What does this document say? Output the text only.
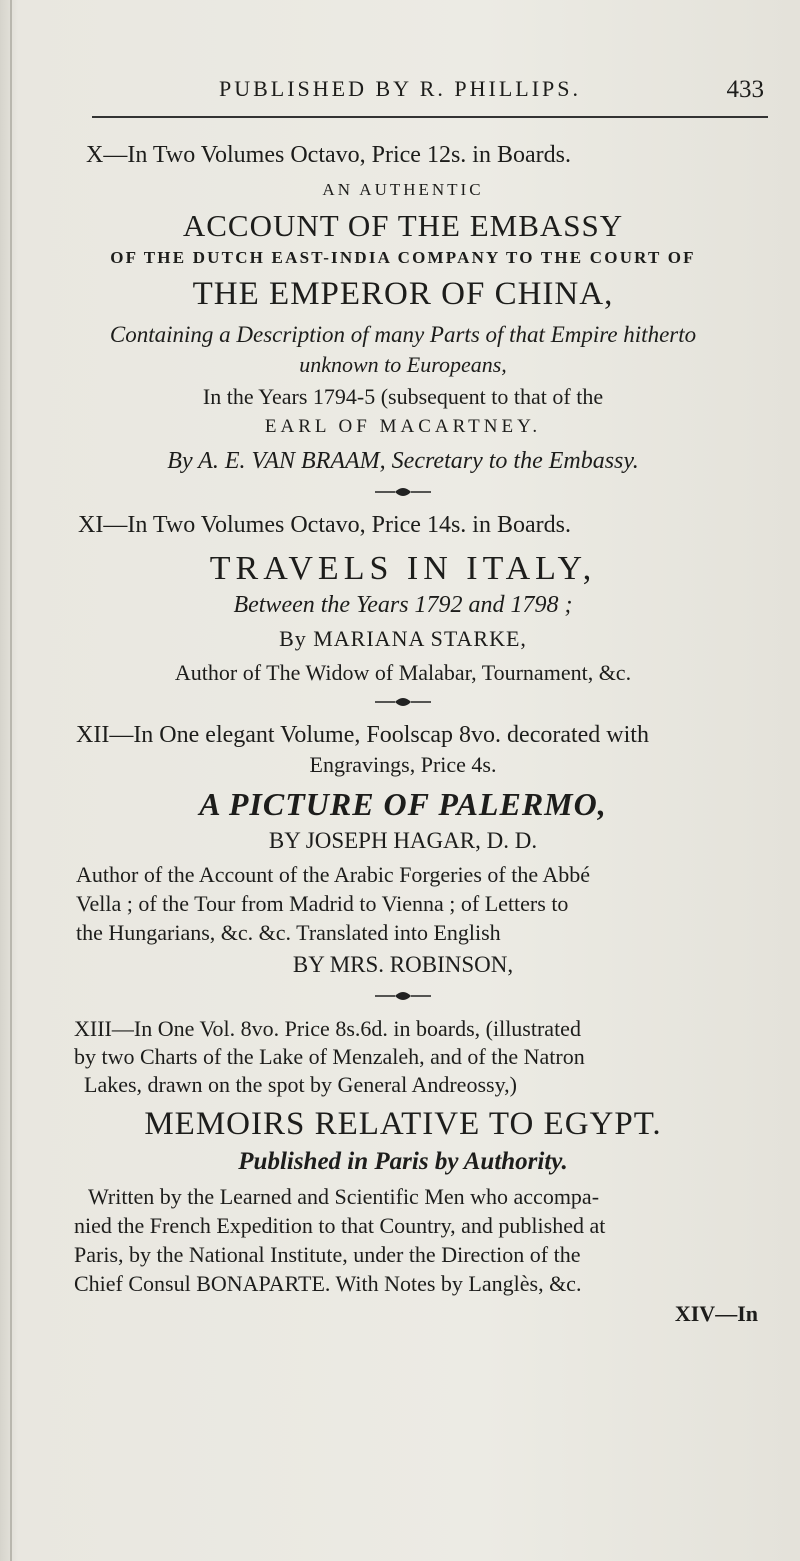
PUBLISHED BY R. PHILLIPS.	433
X—In Two Volumes Octavo, Price 12s. in Boards.
AN AUTHENTIC
ACCOUNT OF THE EMBASSY
OF THE DUTCH EAST-INDIA COMPANY TO THE COURT OF
THE EMPEROR OF CHINA,
Containing a Description of many Parts of that Empire hitherto
unknown to Europeans,
In the Years 1794-5 (subsequent to that of the
EARL OF MACARTNEY.
By A. E. VAN BRAAM, Secretary to the Embassy.
XI—In Two Volumes Octavo, Price 14s. in Boards.
TRAVELS IN ITALY,
Between the Years 1792 and 1798 ;
By MARIANA STARKE,
Author of The Widow of Malabar, Tournament, &c.
XII—In One elegant Volume, Foolscap 8vo. decorated with
Engravings, Price 4s.
A PICTURE OF PALERMO,
BY JOSEPH HAGAR, D. D.
Author of the Account of the Arabic Forgeries of the Abbé
Vella ; of the Tour from Madrid to Vienna ; of Letters to
the Hungarians, &c. &c. Translated into English
BY MRS. ROBINSON,
XIII—In One Vol. 8vo. Price 8s.6d. in boards, (illustrated
by two Charts of the Lake of Menzaleh, and of the Natron
Lakes, drawn on the spot by General Andreossy,)
MEMOIRS RELATIVE TO EGYPT.
Published in Paris by Authority.
Written by the Learned and Scientific Men who accompa-
nied the French Expedition to that Country, and published at
Paris, by the National Institute, under the Direction of the
Chief Consul BONAPARTE. With Notes by Langlès, &c.
XIV—In
